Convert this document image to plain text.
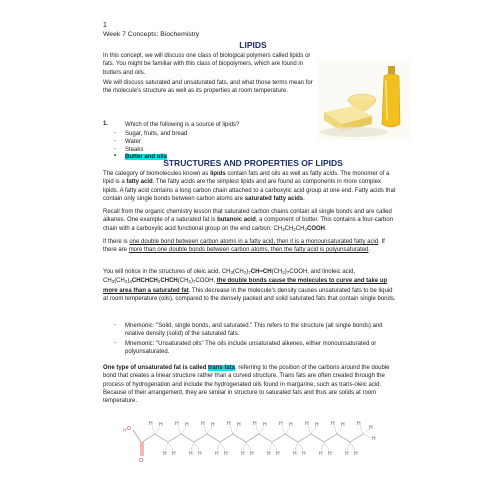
1
Week 7 Concepts: Biochemistry
LIPIDS
In this concept, we will discuss one class of biological polymers called lipids or fats. You might be familiar with this class of biopolymers, which are found in butters and oils.
We will discuss saturated and unsaturated fats, and what those terms mean for the molecule's structure as well as its properties at room temperature.
1.	Which of the following is a source of lipids?
- Sugar, fruits, and bread
- Water
- Steaks
• Butter and oils
STRUCTURES AND PROPERTIES OF LIPIDS
The category of biomolecules known as lipids contain fats and oils as well as fatty acids. The monomer of a lipid is a fatty acid. The fatty acids are the simplest lipids and are found as components in more complex lipids. A fatty acid contains a long carbon chain attached to a carboxylic acid group at one end. Fatty acids that contain only single bonds between carbon atoms are saturated fatty acids.
Recall from the organic chemistry lesson that saturated carbon chains contain all single bonds and are called alkanes. One example of a saturated fat is butanoic acid, a component of butter. This contains a four-carbon chain with a carboxylic acid functional group on the end carbon: $CH_3CH_2CH_2COOH$.
If there is one double bond between carbon atoms in a fatty acid, then it is a monounsaturated fatty acid. If there are more than one double bonds between carbon atoms, then the fatty acid is polyunsaturated.
You will notice in the structures of oleic acid, $CH_3(CH_2)_7CH=CH(CH_2)_7COOH$, and linoleic acid, $CH_3(CH_2)_4CHCHCH_2CHCH(CH_2)_7COOH$, the double bonds cause the molecules to curve and take up more area than a saturated fat. This decrease in the molecule's density causes unsaturated fats to be liquid at room temperature (oils), compared to the densely packed and solid saturated fats that contain single bonds.
- Mnemonic: "Solid, single bonds, and saturated." This refers to the structure (all single bonds) and relative density (solid) of the saturated fats.
- Mnemonic: "Unsaturated oils" The oils include unsaturated alkenes, either monounsaturated or polyunsaturated.
One type of unsaturated fat is called trans fats, referring to the position of the carbons around the double bond that creates a linear structure rather than a curved structure. Trans fats are often created through the process of hydrogenation and include the hydrogenated oils found in margarine, such as trans-oleic acid. Because of their arrangement, they are similar in structure to saturated fats and thus are solids at room temperature.
O
H
O
H H
H H
H H
H H
H H
H H
H H
H H
H H
H H
H H
H H
H H
H H
H H
H H
H
H
H
